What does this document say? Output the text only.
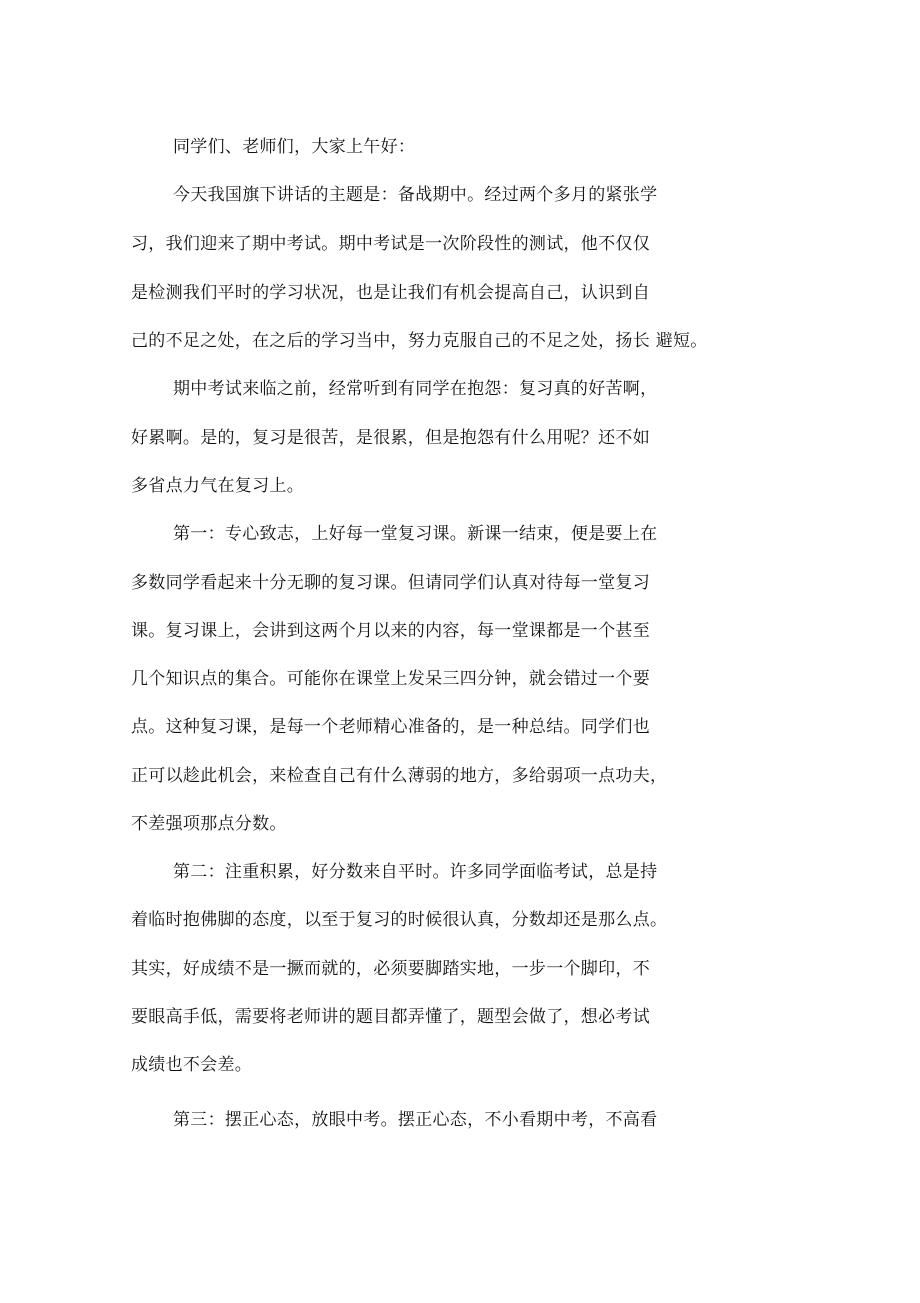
同学们、老师们，大家上午好：
今天我国旗下讲话的主题是：备战期中。经过两个多月的紧张学
习，我们迎来了期中考试。期中考试是一次阶段性的测试，他不仅仅
是检测我们平时的学习状况，也是让我们有机会提高自己，认识到自
己的不足之处，在之后的学习当中，努力克服自己的不足之处，扬长 避短。
期中考试来临之前，经常听到有同学在抱怨：复习真的好苦啊，
好累啊。是的，复习是很苦，是很累，但是抱怨有什么用呢？还不如
多省点力气在复习上。
第一：专心致志，上好每一堂复习课。新课一结束，便是要上在
多数同学看起来十分无聊的复习课。但请同学们认真对待每一堂复习
课。复习课上，会讲到这两个月以来的内容，每一堂课都是一个甚至
几个知识点的集合。可能你在课堂上发呆三四分钟，就会错过一个要
点。这种复习课，是每一个老师精心准备的，是一种总结。同学们也
正可以趁此机会，来检查自己有什么薄弱的地方，多给弱项一点功夫，
不差强项那点分数。
第二：注重积累，好分数来自平时。许多同学面临考试，总是持
着临时抱佛脚的态度，以至于复习的时候很认真，分数却还是那么点。
其实，好成绩不是一撅而就的，必须要脚踏实地，一步一个脚印，不
要眼高手低，需要将老师讲的题目都弄懂了，题型会做了，想必考试
成绩也不会差。
第三：摆正心态，放眼中考。摆正心态，不小看期中考，不高看
